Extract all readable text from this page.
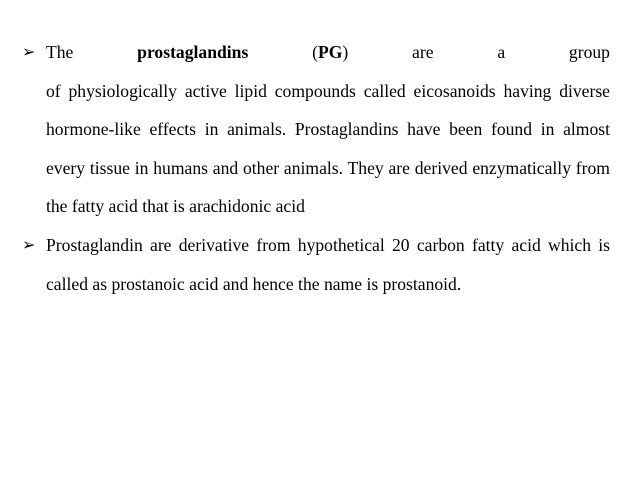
➢ The prostaglandins (PG) are a group
of physiologically active lipid compounds called eicosanoids having diverse hormone-like effects in animals. Prostaglandins have been found in almost every tissue in humans and other animals. They are derived enzymatically from the fatty acid that is arachidonic acid
➢ Prostaglandin are derivative from hypothetical 20 carbon fatty acid which is called as prostanoic acid and hence the name is prostanoid.
